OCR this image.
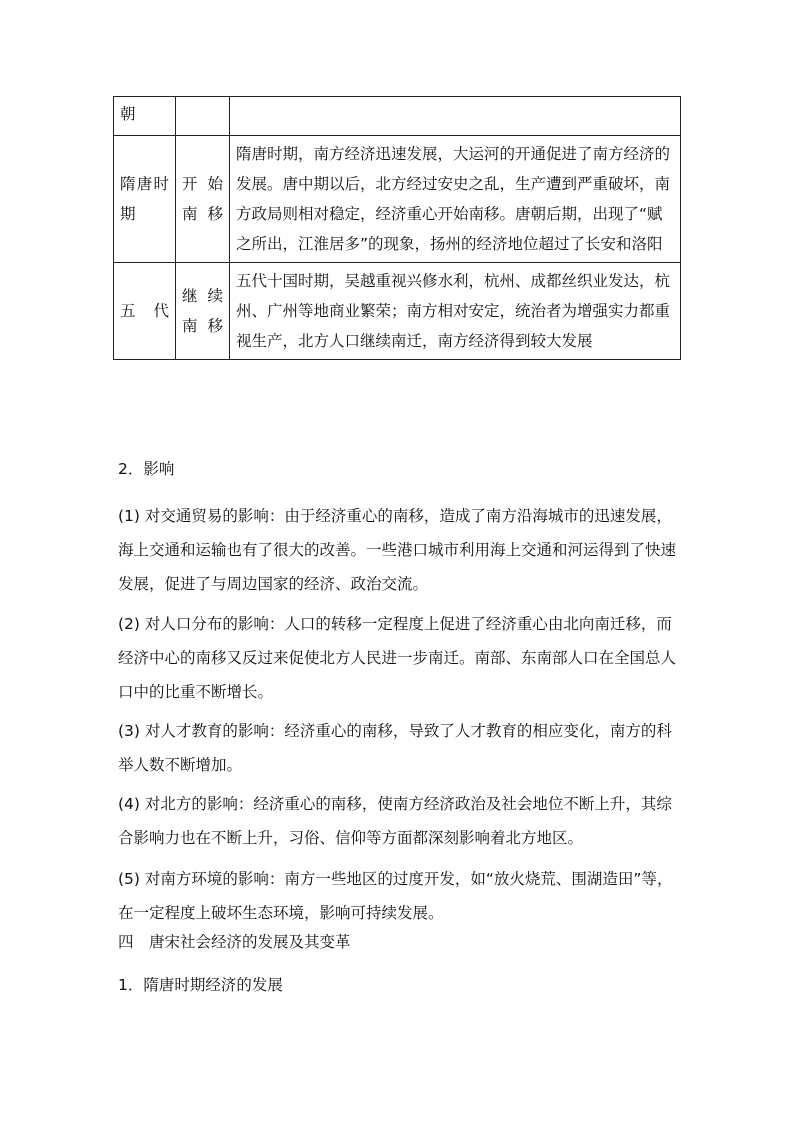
朝		

隋唐时期	开始南移	隋唐时期，南方经济迅速发展，大运河的开通促进了南方经济的发展。唐中期以后，北方经过安史之乱，生产遭到严重破坏，南方政局则相对稳定，经济重心开始南移。唐朝后期，出现了“赋之所出，江淮居多”的现象，扬州的经济地位超过了长安和洛阳
五代	继续南移	五代十国时期，吴越重视兴修水利，杭州、成都丝织业发达，杭州、广州等地商业繁荣；南方相对安定，统治者为增强实力都重视生产，北方人口继续南迁，南方经济得到较大发展
2．影响
(1) 对交通贸易的影响：由于经济重心的南移，造成了南方沿海城市的迅速发展，海上交通和运输也有了很大的改善。一些港口城市利用海上交通和河运得到了快速发展，促进了与周边国家的经济、政治交流。
(2) 对人口分布的影响：人口的转移一定程度上促进了经济重心由北向南迁移，而经济中心的南移又反过来促使北方人民进一步南迁。南部、东南部人口在全国总人口中的比重不断增长。
(3) 对人才教育的影响：经济重心的南移，导致了人才教育的相应变化，南方的科举人数不断增加。
(4) 对北方的影响：经济重心的南移，使南方经济政治及社会地位不断上升，其综合影响力也在不断上升，习俗、信仰等方面都深刻影响着北方地区。
(5) 对南方环境的影响：南方一些地区的过度开发，如“放火烧荒、围湖造田”等，在一定程度上破坏生态环境，影响可持续发展。
四　唐宋社会经济的发展及其变革
1．隋唐时期经济的发展
